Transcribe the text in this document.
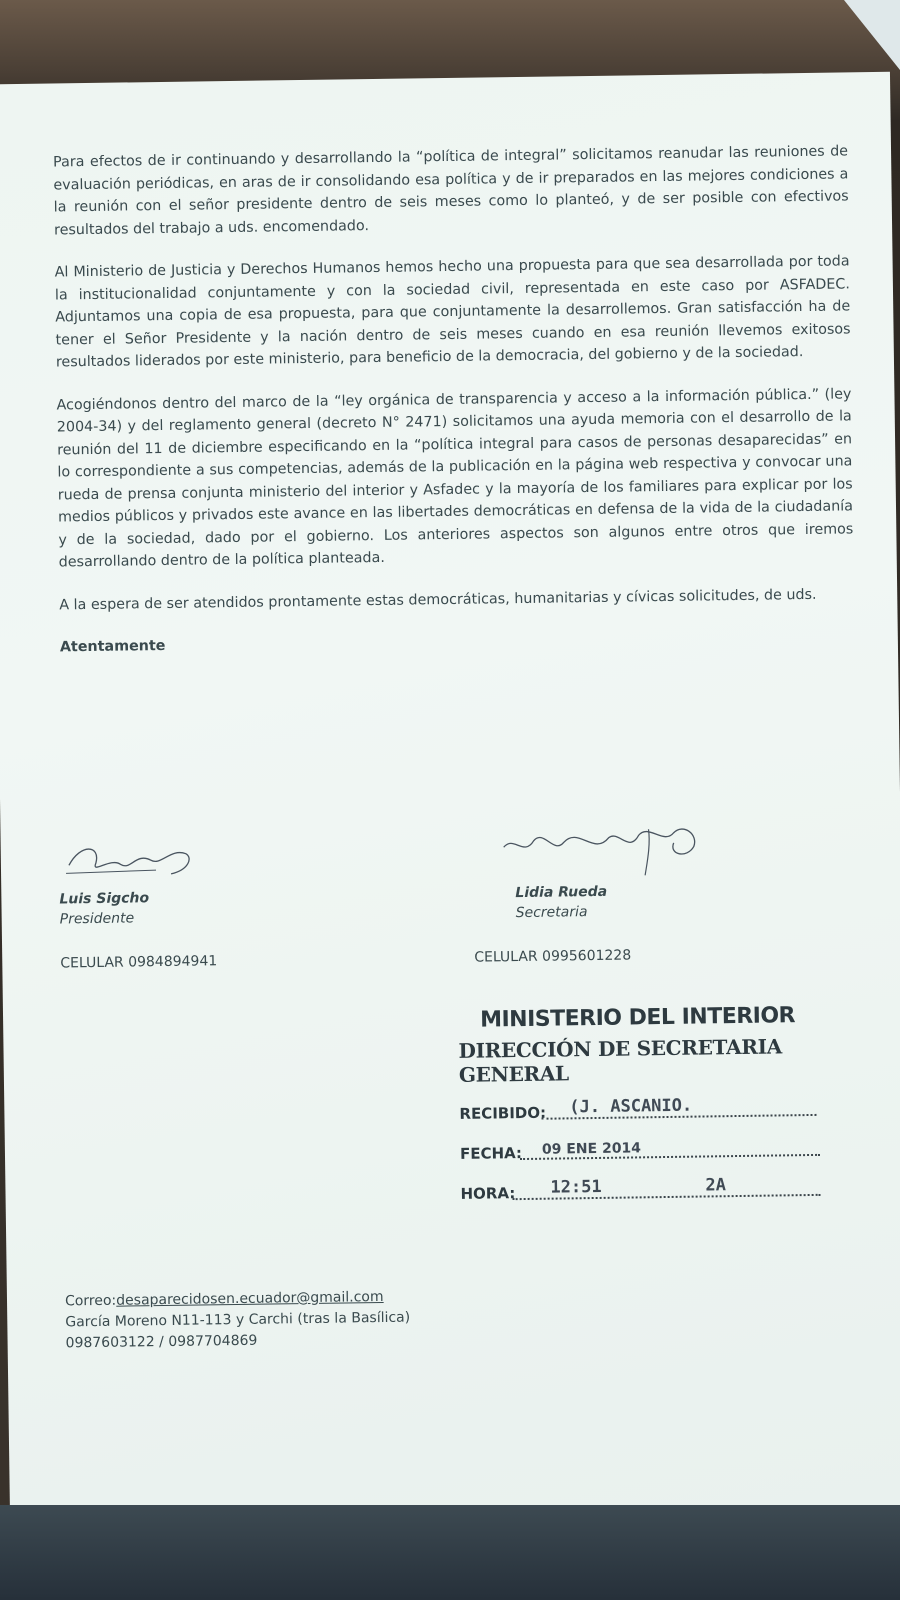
Para efectos de ir continuando y desarrollando la “política de integral” solicitamos reanudar las reuniones de evaluación periódicas, en aras de ir consolidando esa política y de ir preparados en las mejores condiciones a la reunión con el señor presidente dentro de seis meses como lo planteó, y de ser posible con efectivos resultados del trabajo a uds. encomendado.

Al Ministerio de Justicia y Derechos Humanos hemos hecho una propuesta para que sea desarrollada por toda la institucionalidad conjuntamente y con la sociedad civil, representada en este caso por ASFADEC. Adjuntamos una copia de esa propuesta, para que conjuntamente la desarrollemos. Gran satisfacción ha de tener el Señor Presidente y la nación dentro de seis meses cuando en esa reunión llevemos exitosos resultados liderados por este ministerio, para beneficio de la democracia, del gobierno y de la sociedad.

Acogiéndonos dentro del marco de la “ley orgánica de transparencia y acceso a la información pública.” (ley 2004-34) y del reglamento general (decreto N° 2471) solicitamos una ayuda memoria con el desarrollo de la reunión del 11 de diciembre especificando en la “política integral para casos de personas desaparecidas” en lo correspondiente a sus competencias, además de la publicación en la página web respectiva y convocar una rueda de prensa conjunta ministerio del interior y Asfadec y la mayoría de los familiares para explicar por los medios públicos y privados este avance en las libertades democráticas en defensa de la vida de la ciudadanía y de la sociedad, dado por el gobierno. Los anteriores aspectos son algunos entre otros que iremos desarrollando dentro de la política planteada.

A la espera de ser atendidos prontamente estas democráticas, humanitarias y cívicas solicitudes, de uds.

Atentamente

Luis Sigcho

Presidente

CELULAR 0984894941

Lidia Rueda

Secretaria

CELULAR 0995601228

MINISTERIO DEL INTERIOR

DIRECCIÓN DE SECRETARIA GENERAL

RECIBIDO: (J. ASCANIO.
FECHA: 09 ENE 2014
HORA: 12:51	2A

Correo:desaparecidosen.ecuador@gmail.com

García Moreno N11-113 y Carchi (tras la Basílica)

0987603122 / 0987704869
